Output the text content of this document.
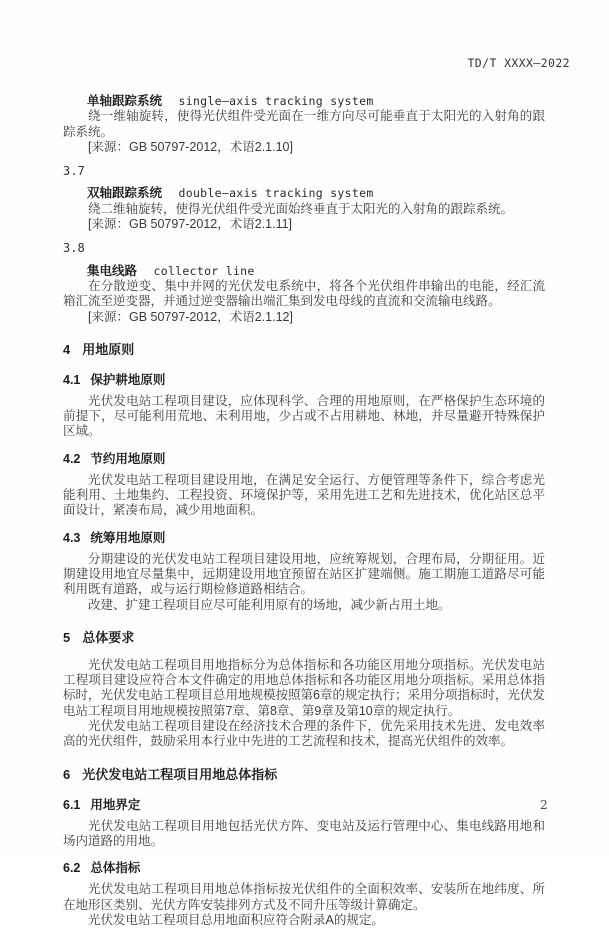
TD/T XXXX—2022

单轴跟踪系统 single—axis tracking system

绕一维轴旋转，使得光伏组件受光面在一维方向尽可能垂直于太阳光的入射角的跟踪系统。

[来源：GB 50797-2012，术语2.1.10]

3.7

双轴跟踪系统 double—axis tracking system

绕二维轴旋转，使得光伏组件受光面始终垂直于太阳光的入射角的跟踪系统。

[来源：GB 50797-2012，术语2.1.11]

3.8

集电线路 collector line

在分散逆变、集中并网的光伏发电系统中，将各个光伏组件串输出的电能，经汇流箱汇流至逆变器，并通过逆变器输出端汇集到发电母线的直流和交流输电线路。

[来源：GB 50797-2012，术语2.1.12]

4 用地原则
4.1 保护耕地原则

光伏发电站工程项目建设，应体现科学、合理的用地原则，在严格保护生态环境的前提下，尽可能利用荒地、未利用地，少占或不占用耕地、林地，并尽量避开特殊保护区域。

4.2 节约用地原则

光伏发电站工程项目建设用地，在满足安全运行、方便管理等条件下，综合考虑光能利用、土地集约、工程投资、环境保护等，采用先进工艺和先进技术，优化站区总平面设计，紧凑布局，减少用地面积。

4.3 统筹用地原则

分期建设的光伏发电站工程项目建设用地，应统筹规划，合理布局，分期征用。近期建设用地宜尽量集中，远期建设用地宜预留在站区扩建端侧。施工期施工道路尽可能利用既有道路，或与运行期检修道路相结合。

改建、扩建工程项目应尽可能利用原有的场地，减少新占用土地。

5 总体要求

光伏发电站工程项目用地指标分为总体指标和各功能区用地分项指标。光伏发电站工程项目建设应符合本文件确定的用地总体指标和各功能区用地分项指标。采用总体指标时，光伏发电站工程项目总用地规模按照第6章的规定执行；采用分项指标时，光伏发电站工程项目用地规模按照第7章、第8章、第9章及第10章的规定执行。

光伏发电站工程项目建设在经济技术合理的条件下，优先采用技术先进、发电效率高的光伏组件，鼓励采用本行业中先进的工艺流程和技术，提高光伏组件的效率。

6 光伏发电站工程项目用地总体指标
6.1 用地界定

光伏发电站工程项目用地包括光伏方阵、变电站及运行管理中心、集电线路用地和场内道路的用地。

6.2 总体指标

光伏发电站工程项目用地总体指标按光伏组件的全面积效率、安装所在地纬度、所在地形区类别、光伏方阵安装排列方式及不同升压等级计算确定。

光伏发电站工程项目总用地面积应符合附录A的规定。

2
